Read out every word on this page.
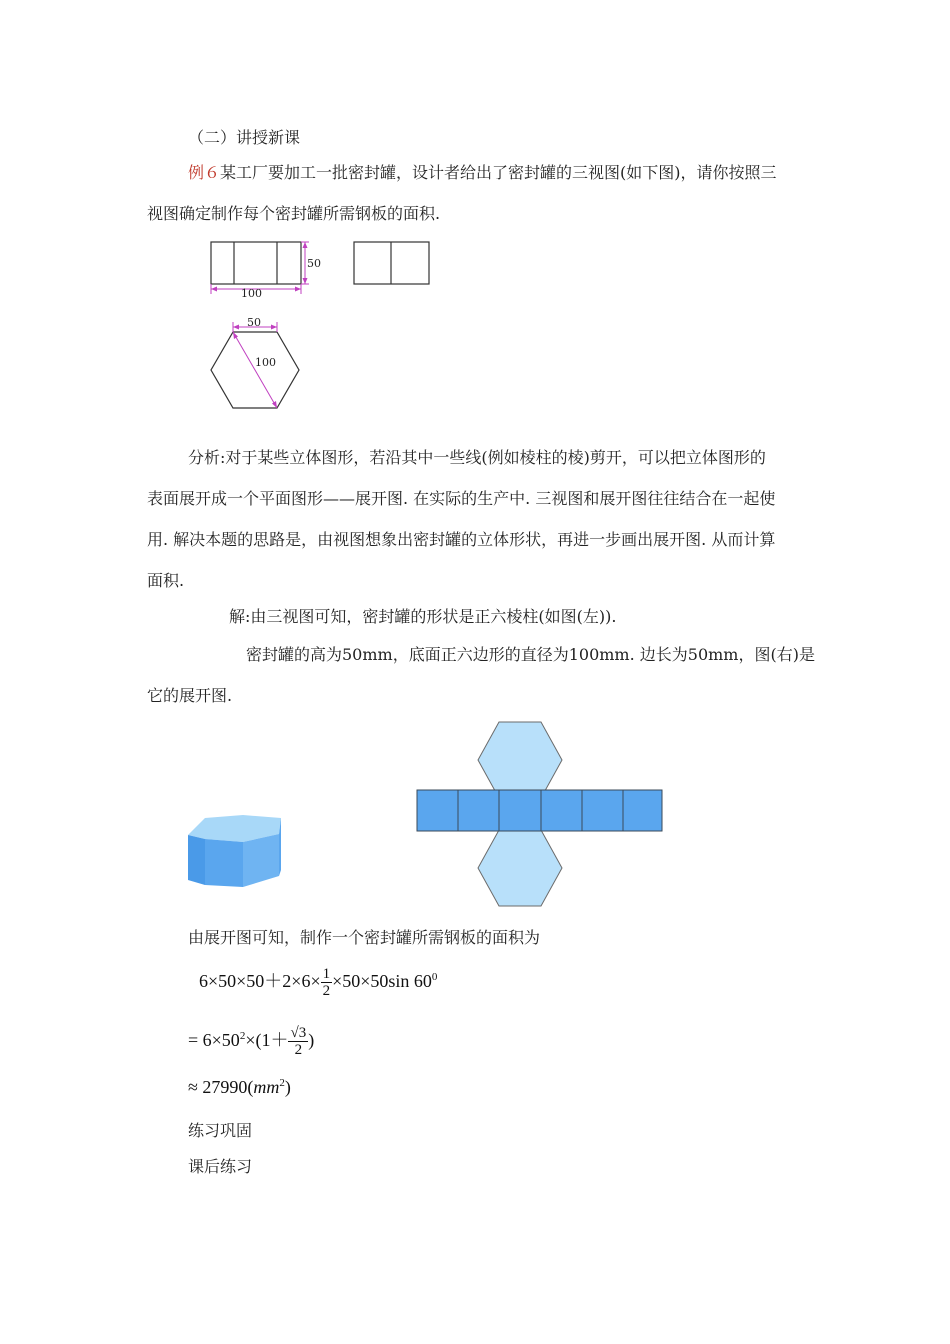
（二）讲授新课
例６某工厂要加工一批密封罐，设计者给出了密封罐的三视图(如下图)，请你按照三
视图确定制作每个密封罐所需钢板的面积.
100
50
50
100
分析:对于某些立体图形，若沿其中一些线(例如棱柱的棱)剪开，可以把立体图形的
表面展开成一个平面图形——展开图. 在实际的生产中. 三视图和展开图往往结合在一起使
用. 解决本题的思路是，由视图想象出密封罐的立体形状，再进一步画出展开图. 从而计算
面积.
解:由三视图可知，密封罐的形状是正六棱柱(如图(左)).
密封罐的高为50mm，底面正六边形的直径为100mm. 边长为50mm，图(右)是
它的展开图.
由展开图可知，制作一个密封罐所需钢板的面积为
$6\times 50\times 50+2\times 6\times \frac{1}{2} \times 50\times 50\sin$ $60^0$
= $6\times 50^2\times(1+ \frac{√3}{2}$ )
≈ $27990(mm^2)$
练习巩固
课后练习
